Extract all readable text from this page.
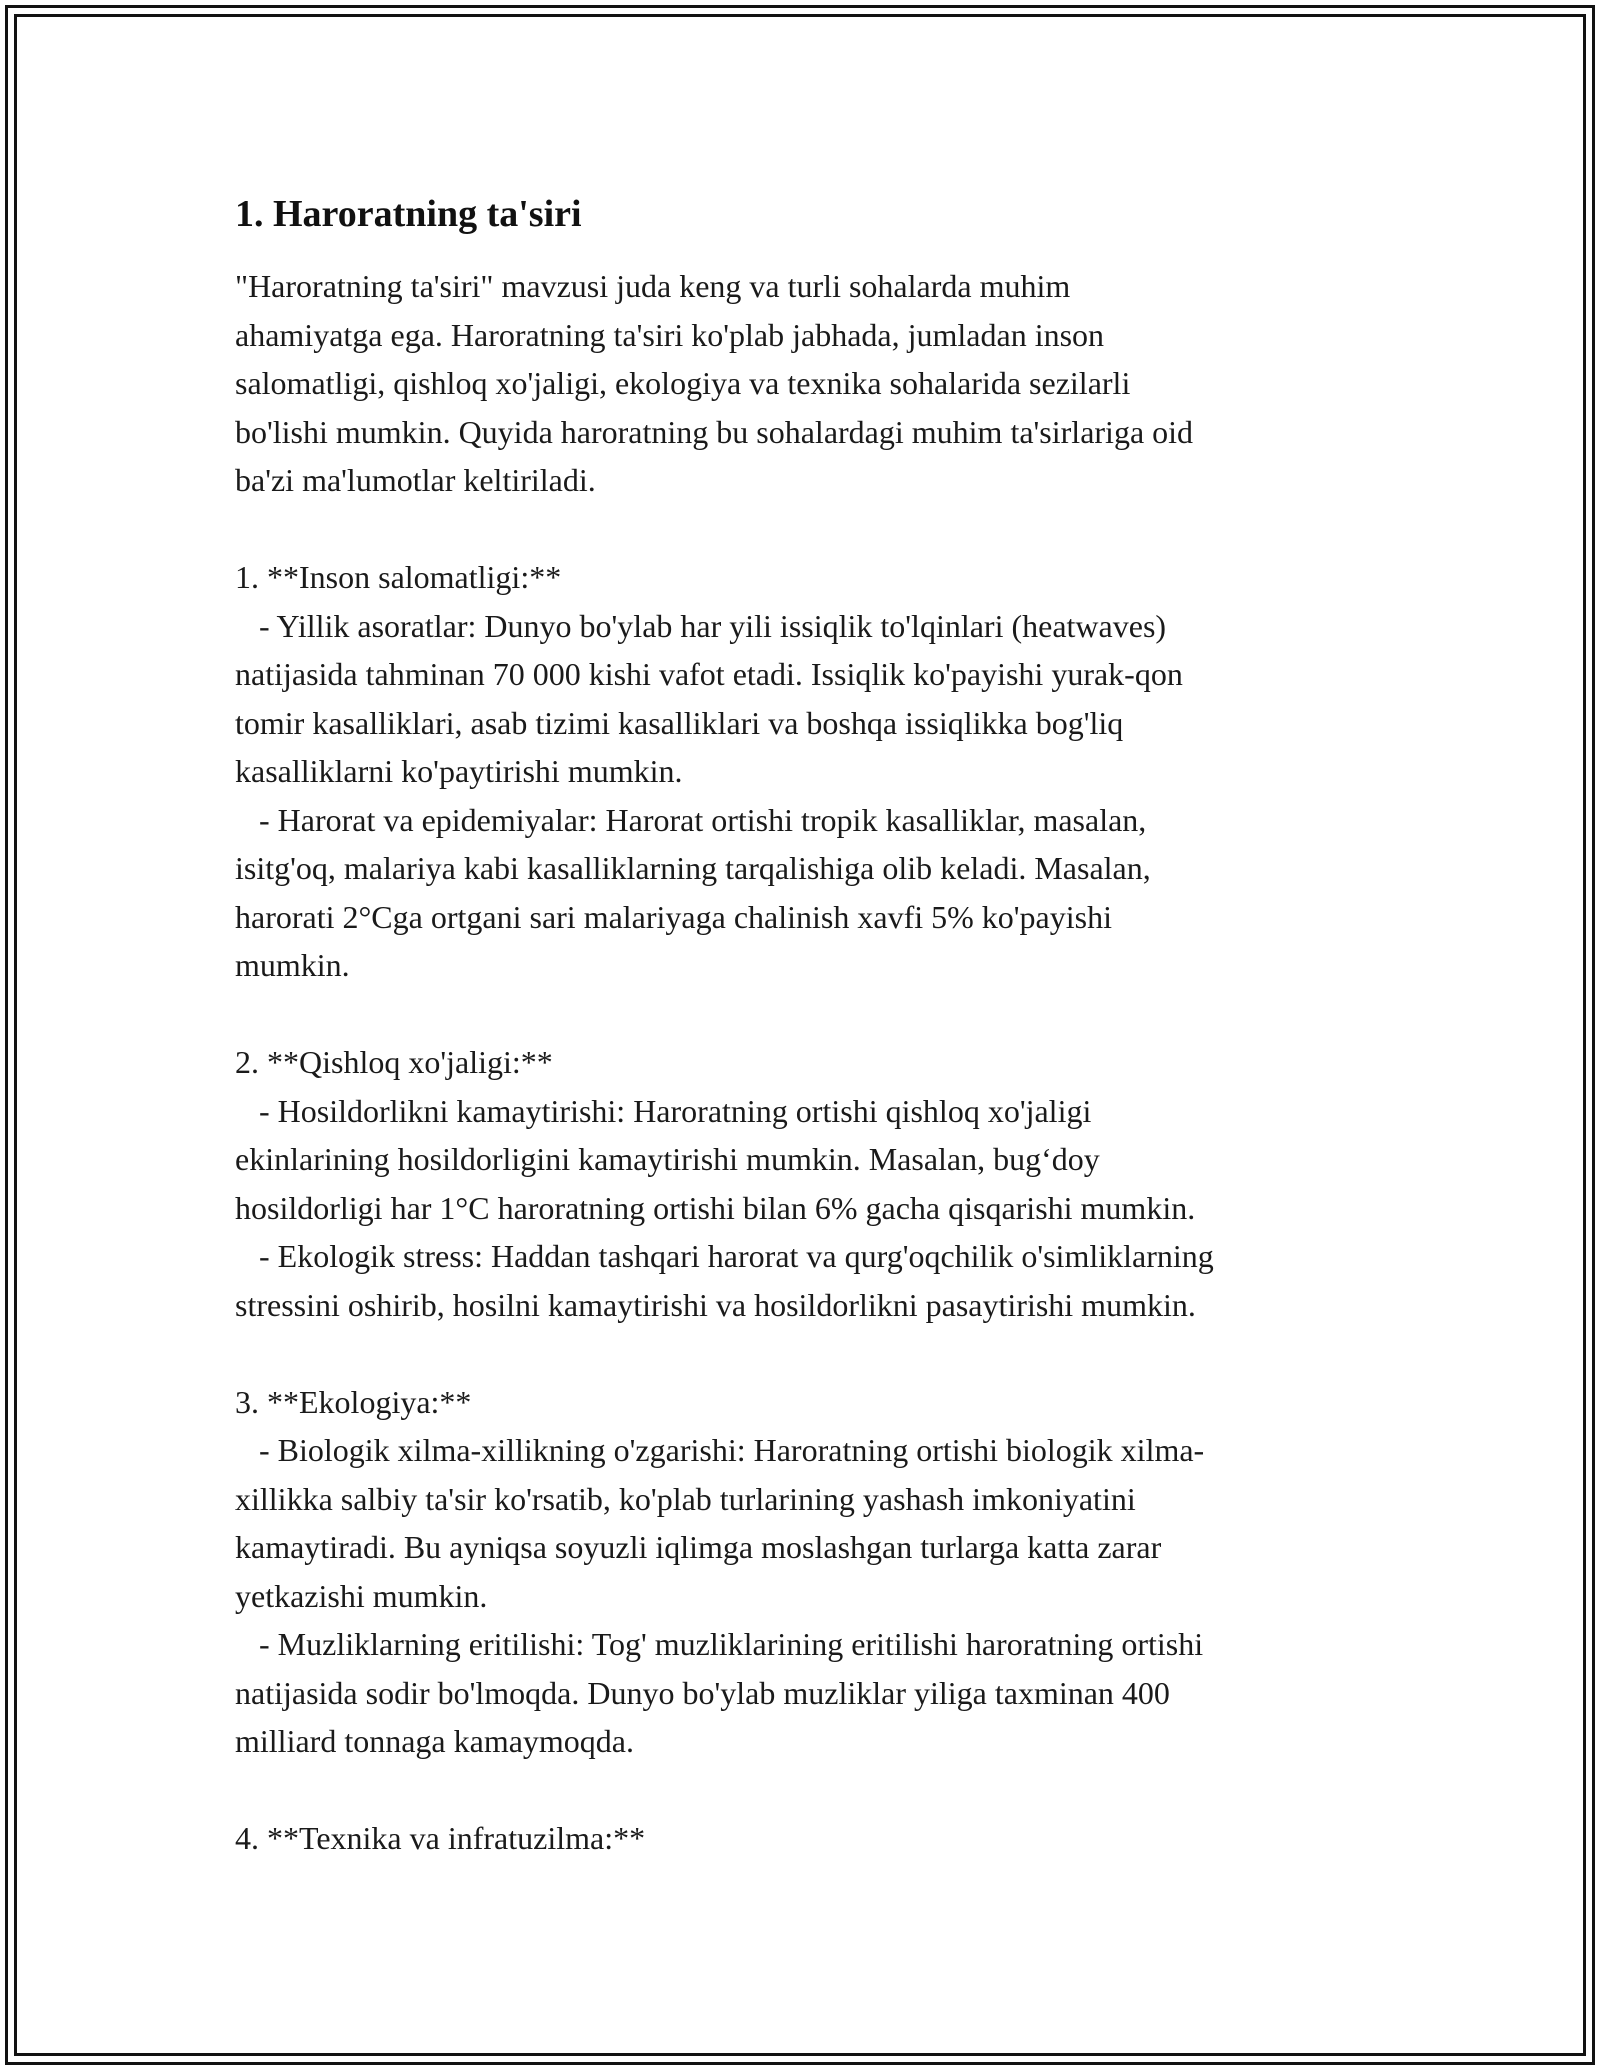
1. Haroratning ta'siri

"Haroratning ta'siri" mavzusi juda keng va turli sohalarda muhim
ahamiyatga ega. Haroratning ta'siri ko'plab jabhada, jumladan inson
salomatligi, qishloq xo'jaligi, ekologiya va texnika sohalarida sezilarli
bo'lishi mumkin. Quyida haroratning bu sohalardagi muhim ta'sirlariga oid
ba'zi ma'lumotlar keltiriladi.

1. **Inson salomatligi:**
- Yillik asoratlar: Dunyo bo'ylab har yili issiqlik to'lqinlari (heatwaves)
natijasida tahminan 70 000 kishi vafot etadi. Issiqlik ko'payishi yurak-qon
tomir kasalliklari, asab tizimi kasalliklari va boshqa issiqlikka bog'liq
kasalliklarni ko'paytirishi mumkin.
- Harorat va epidemiyalar: Harorat ortishi tropik kasalliklar, masalan,
isitg'oq, malariya kabi kasalliklarning tarqalishiga olib keladi. Masalan,
harorati 2°Cga ortgani sari malariyaga chalinish xavfi 5% ko'payishi
mumkin.

2. **Qishloq xo'jaligi:**
- Hosildorlikni kamaytirishi: Haroratning ortishi qishloq xo'jaligi
ekinlarining hosildorligini kamaytirishi mumkin. Masalan, bug‘doy
hosildorligi har 1°C haroratning ortishi bilan 6% gacha qisqarishi mumkin.
- Ekologik stress: Haddan tashqari harorat va qurg'oqchilik o'simliklarning
stressini oshirib, hosilni kamaytirishi va hosildorlikni pasaytirishi mumkin.

3. **Ekologiya:**
- Biologik xilma-xillikning o'zgarishi: Haroratning ortishi biologik xilma-
xillikka salbiy ta'sir ko'rsatib, ko'plab turlarining yashash imkoniyatini
kamaytiradi. Bu ayniqsa soyuzli iqlimga moslashgan turlarga katta zarar
yetkazishi mumkin.
- Muzliklarning eritilishi: Tog' muzliklarining eritilishi haroratning ortishi
natijasida sodir bo'lmoqda. Dunyo bo'ylab muzliklar yiliga taxminan 400
milliard tonnaga kamaymoqda.

4. **Texnika va infratuzilma:**
